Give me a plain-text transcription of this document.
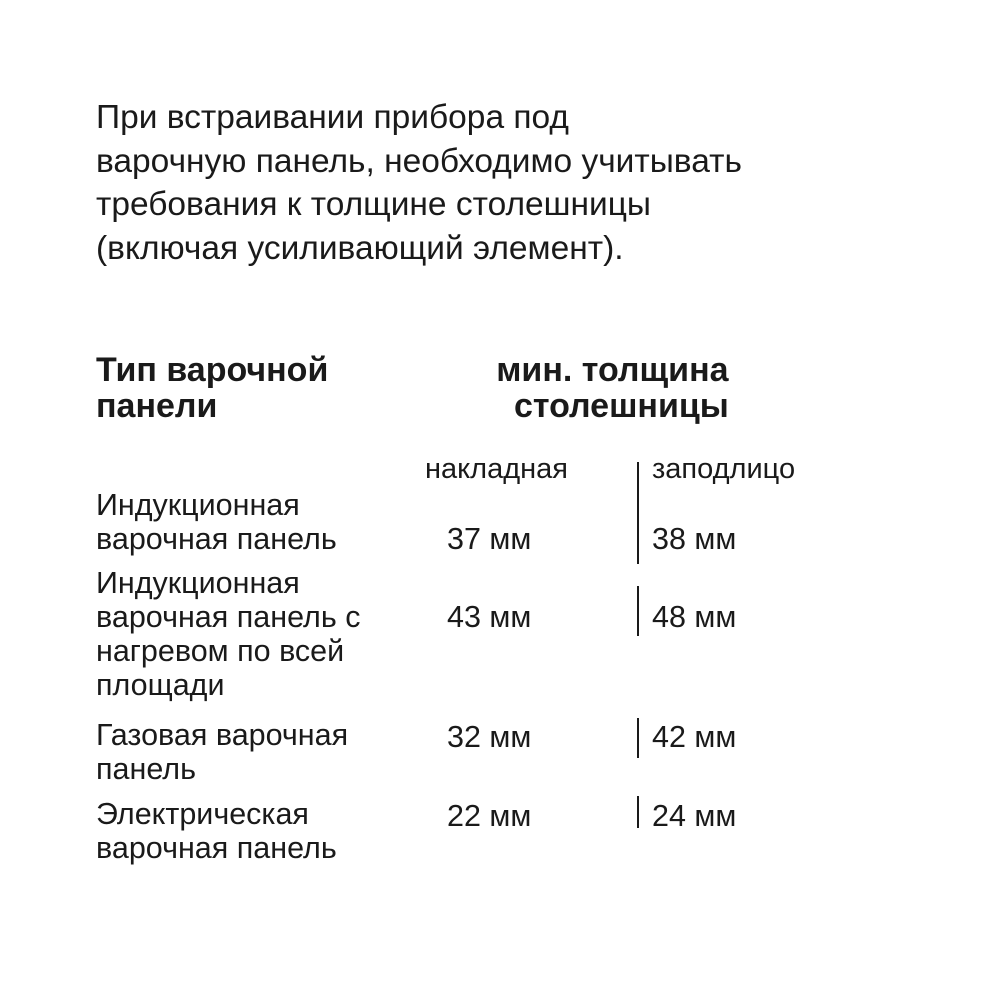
При встраивании прибора под
варочную панель, необходимо учитывать
требования к толщине столешницы
(включая усиливающий элемент).

Тип варочной
панели
мин. толщина
столешницы
накладная	заподлицо
Индукционная
варочная панель	37 мм	38 мм
Индукционная
варочная панель с
нагревом по всей
площади
43 мм	48 мм
Газовая варочная
панель
32 мм	42 мм
Электрическая
варочная панель
22 мм	24 мм
